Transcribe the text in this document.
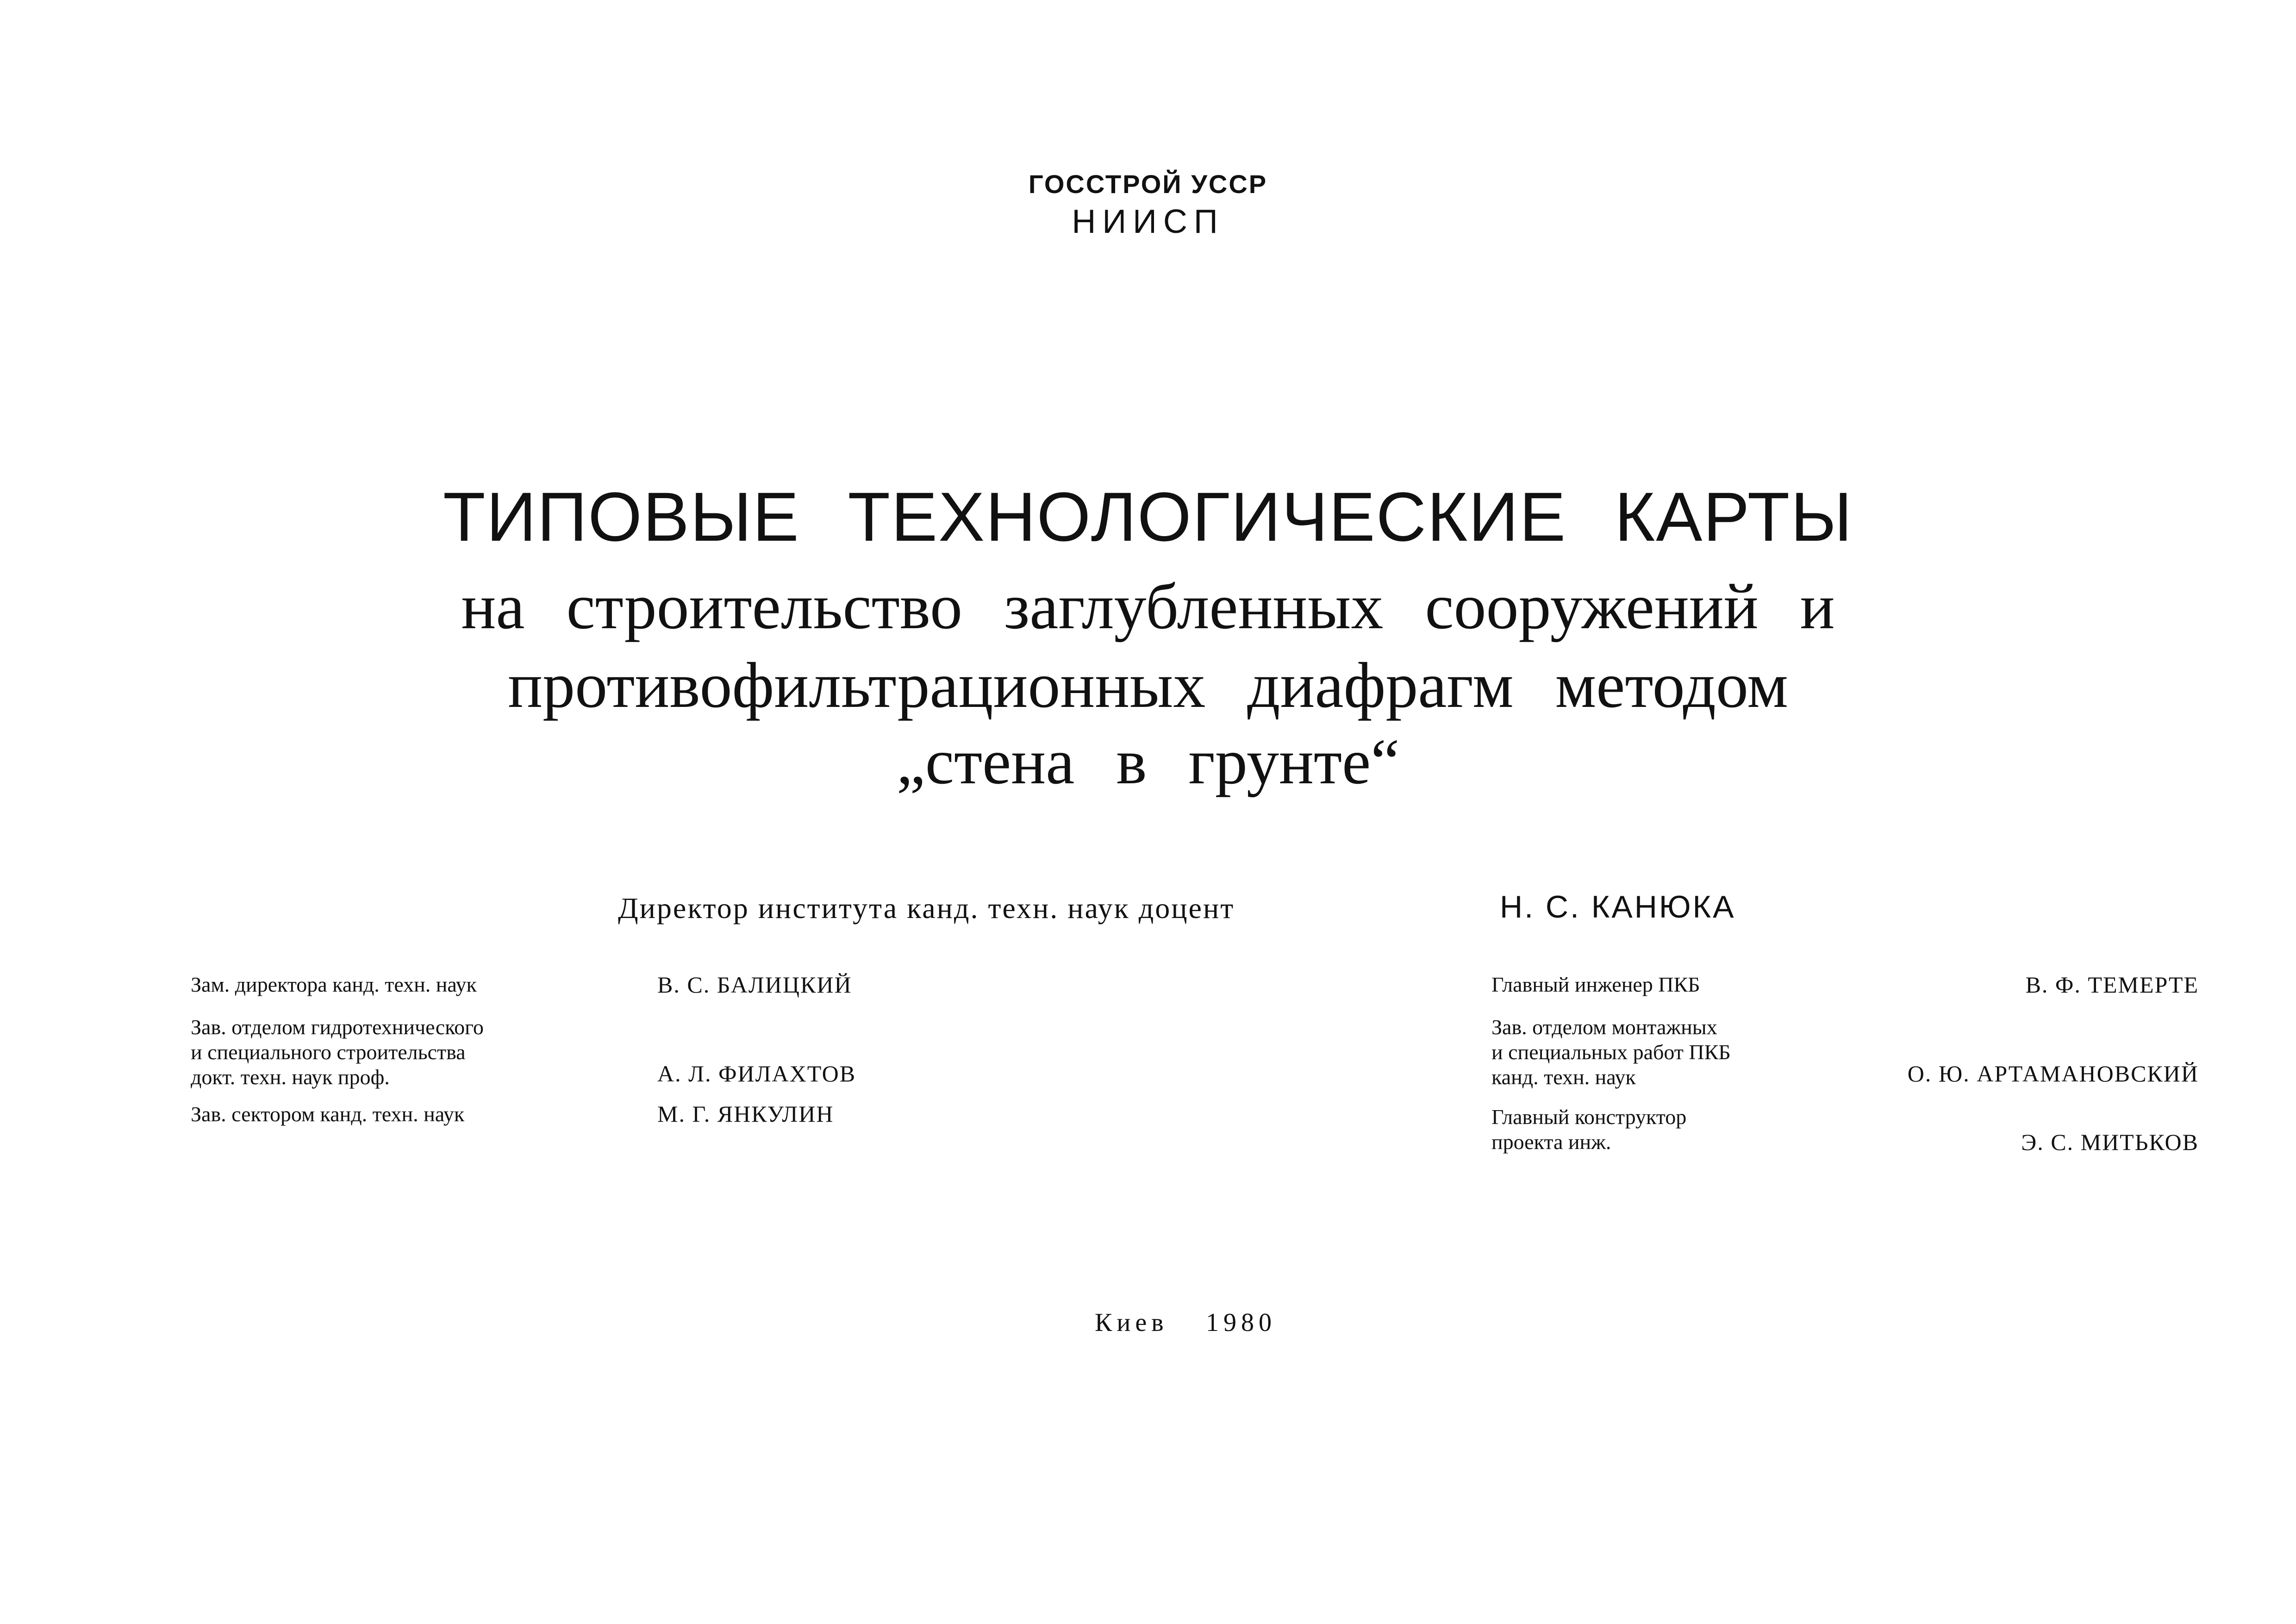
ГОССТРОЙ УССР
НИИСП
ТИПОВЫЕ ТЕХНОЛОГИЧЕСКИЕ КАРТЫ
на строительство заглубленных сооружений и
противофильтрационных диафрагм методом
„стена в грунте“
Директор института канд. техн. наук доцент	Н. С. КАНЮКА
Зам. директора канд. техн. наук	В. С. БАЛИЦКИЙ
Зав. отделом гидротехнического
и специального строительства
докт. техн. наук проф.	А. Л. ФИЛАХТОВ
Зав. сектором канд. техн. наук	М. Г. ЯНКУЛИН
Главный инженер ПКБ	В. Ф. ТЕМЕРТЕ
Зав. отделом монтажных
и специальных работ ПКБ
канд. техн. наук	О. Ю. АРТАМАНОВСКИЙ
Главный конструктор
проекта инж.	Э. С. МИТЬКОВ
Киев 1980
